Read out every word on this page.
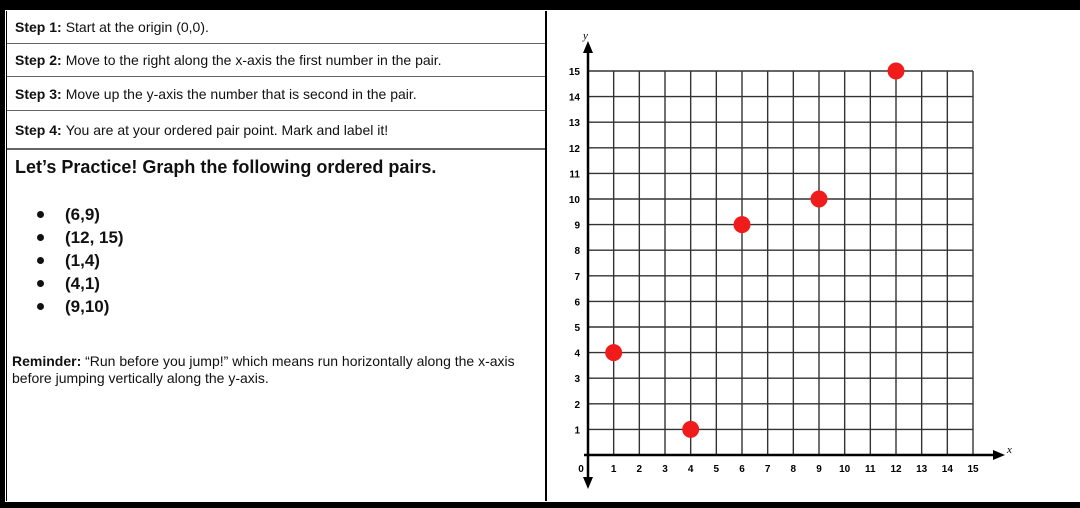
Step 1: Start at the origin (0,0).
Step 2: Move to the right along the x-axis the first number in the pair.
Step 3: Move up the y-axis the number that is second in the pair.
Step 4: You are at your ordered pair point. Mark and label it!
Let’s Practice! Graph the following ordered pairs.
(6,9)
(12, 15)
(1,4)
(4,1)
(9,10)
Reminder: “Run before you jump!” which means run horizontally along the x-axis before jumping vertically along the y-axis.
y
x
0	1 2 3 4 5 6 7 8 9 10 11 12 13 14 15
1
2
3
4
5
6
7
8
9
10
11
12
13
14
15
